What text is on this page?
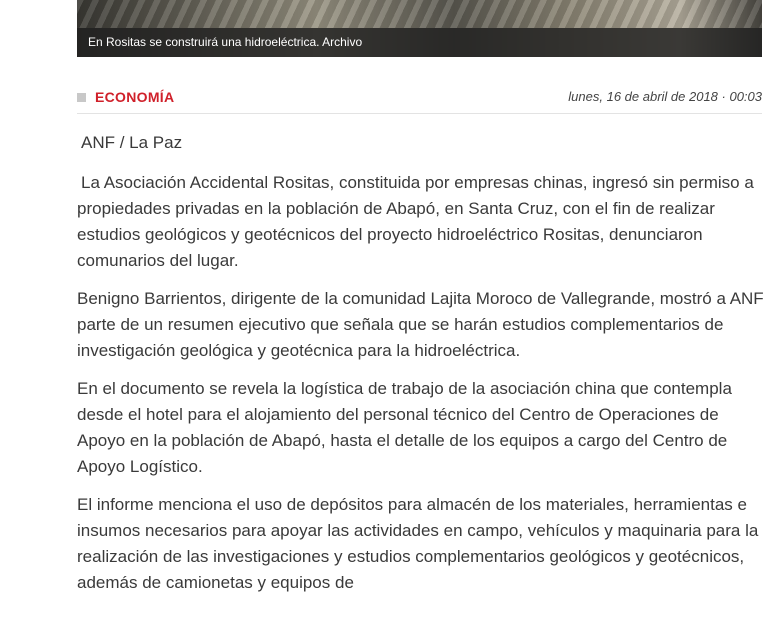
En Rositas se construirá una hidroeléctrica. Archivo
ECONOMÍA	lunes, 16 de abril de 2018 · 00:03

ANF / La Paz

La Asociación Accidental Rositas, constituida por empresas chinas, ingresó sin permiso a propiedades privadas en la población de Abapó, en Santa Cruz, con el fin de realizar estudios geológicos y geotécnicos del proyecto hidroeléctrico Rositas, denunciaron comunarios del lugar.

Benigno Barrientos, dirigente de la comunidad Lajita Moroco de Vallegrande, mostró a ANF parte de un resumen ejecutivo que señala que se harán estudios complementarios de investigación geológica y geotécnica para la hidroeléctrica.

En el documento se revela la logística de trabajo de la asociación china que contempla desde el hotel para el alojamiento del personal técnico del Centro de Operaciones de Apoyo en la población de Abapó, hasta el detalle de los equipos a cargo del Centro de Apoyo Logístico.

El informe menciona el uso de depósitos para almacén de los materiales, herramientas e insumos necesarios para apoyar las actividades en campo, vehículos y maquinaria para la realización de las investigaciones y estudios complementarios geológicos y geotécnicos, además de camionetas y equipos de
